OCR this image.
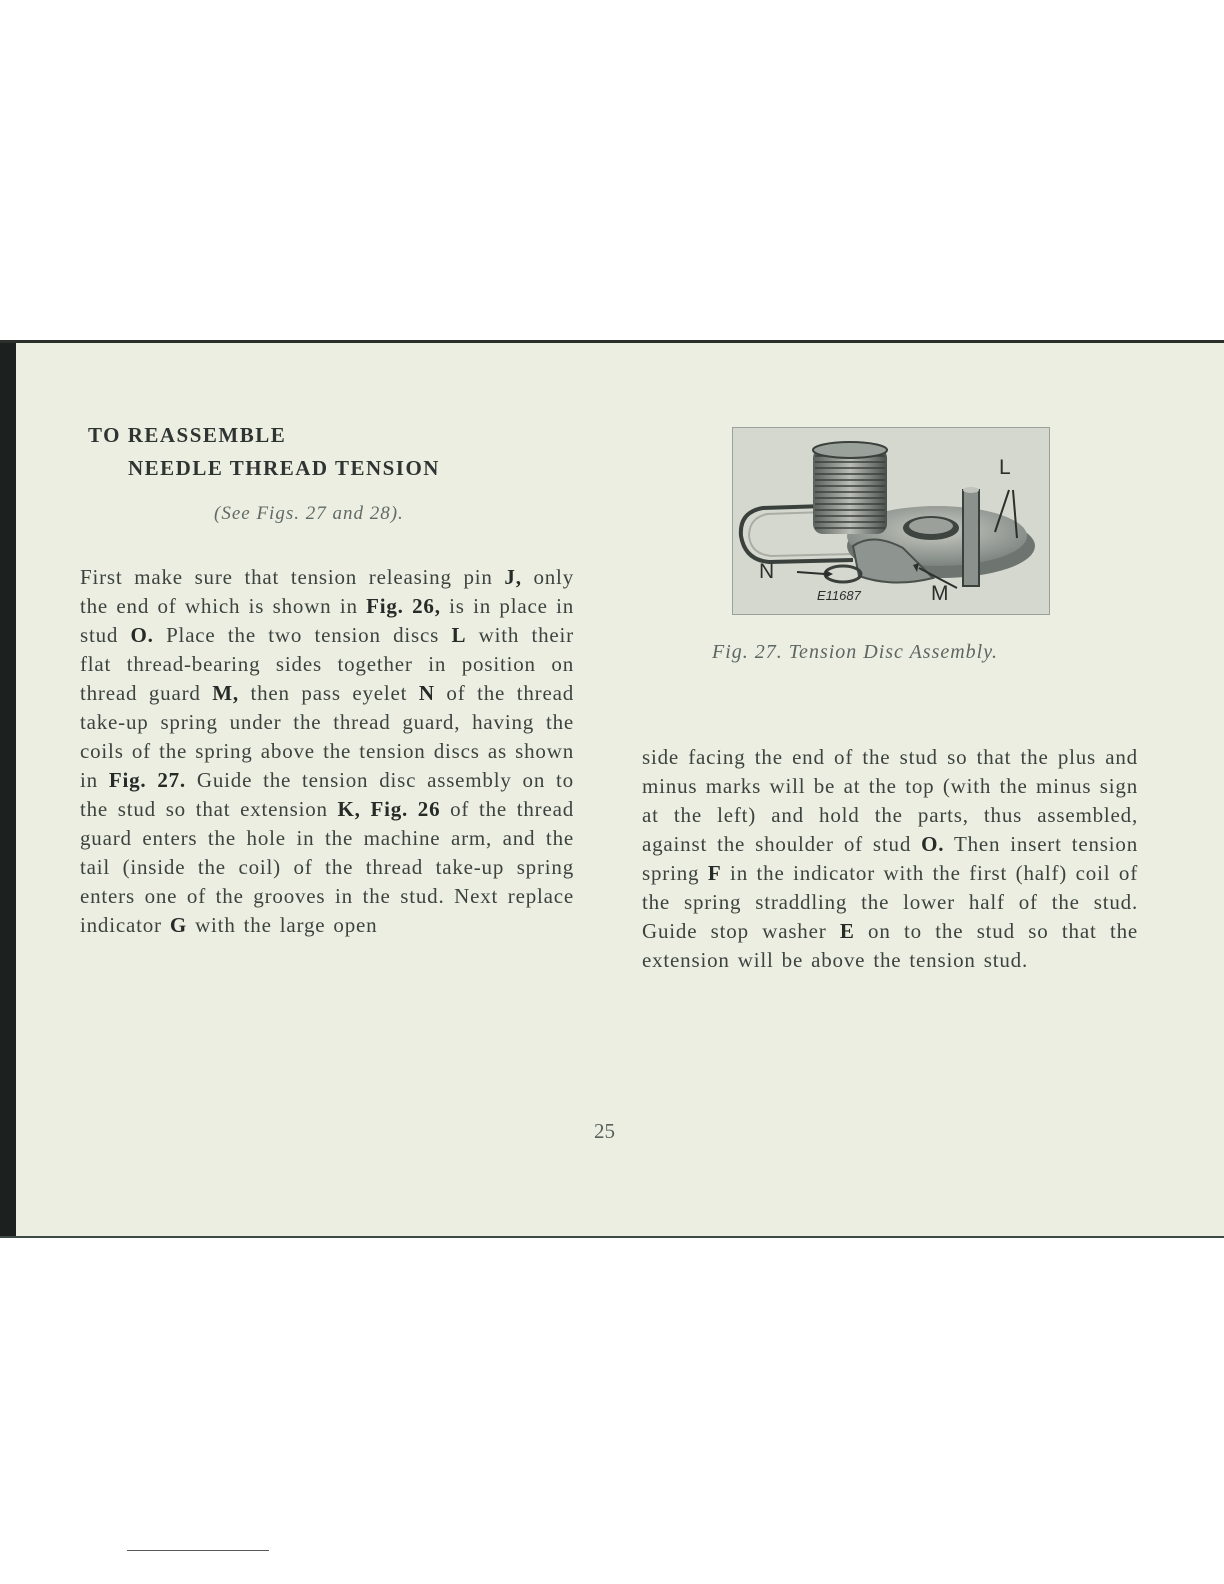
TO REASSEMBLE
NEEDLE THREAD TENSION
(See Figs. 27 and 28).
First make sure that tension releasing pin J, only the end of which is shown in Fig. 26, is in place in stud O. Place the two tension discs L with their flat thread-bearing sides together in position on thread guard M, then pass eyelet N of the thread take-up spring under the thread guard, having the coils of the spring above the tension discs as shown in Fig. 27. Guide the tension disc assembly on to the stud so that extension K, Fig. 26 of the thread guard enters the hole in the machine arm, and the tail (inside the coil) of the thread take-up spring enters one of the grooves in the stud. Next replace indicator G with the large open
L
N
M
E11687
Fig. 27. Tension Disc Assembly.
side facing the end of the stud so that the plus and minus marks will be at the top (with the minus sign at the left) and hold the parts, thus assembled, against the shoulder of stud O. Then insert tension spring F in the indicator with the first (half) coil of the spring straddling the lower half of the stud. Guide stop washer E on to the stud so that the extension will be above the tension stud.
25
